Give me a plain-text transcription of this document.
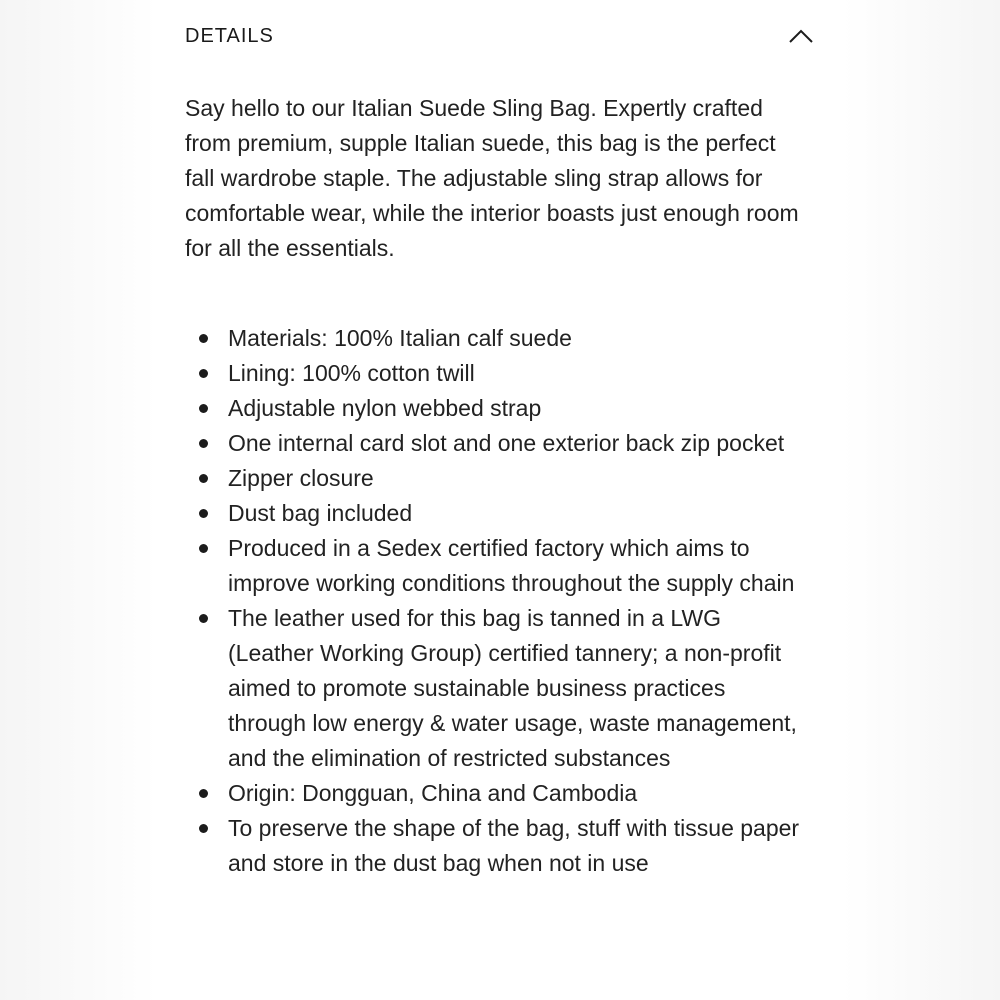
DETAILS

Say hello to our Italian Suede Sling Bag. Expertly crafted from premium, supple Italian suede, this bag is the perfect fall wardrobe staple. The adjustable sling strap allows for comfortable wear, while the interior boasts just enough room for all the essentials.

Materials: 100% Italian calf suede
Lining: 100% cotton twill
Adjustable nylon webbed strap
One internal card slot and one exterior back zip pocket
Zipper closure
Dust bag included
Produced in a Sedex certified factory which aims to improve working conditions throughout the supply chain
The leather used for this bag is tanned in a LWG (Leather Working Group) certified tannery; a non-profit aimed to promote sustainable business practices through low energy & water usage, waste management, and the elimination of restricted substances
Origin: Dongguan, China and Cambodia
To preserve the shape of the bag, stuff with tissue paper and store in the dust bag when not in use
